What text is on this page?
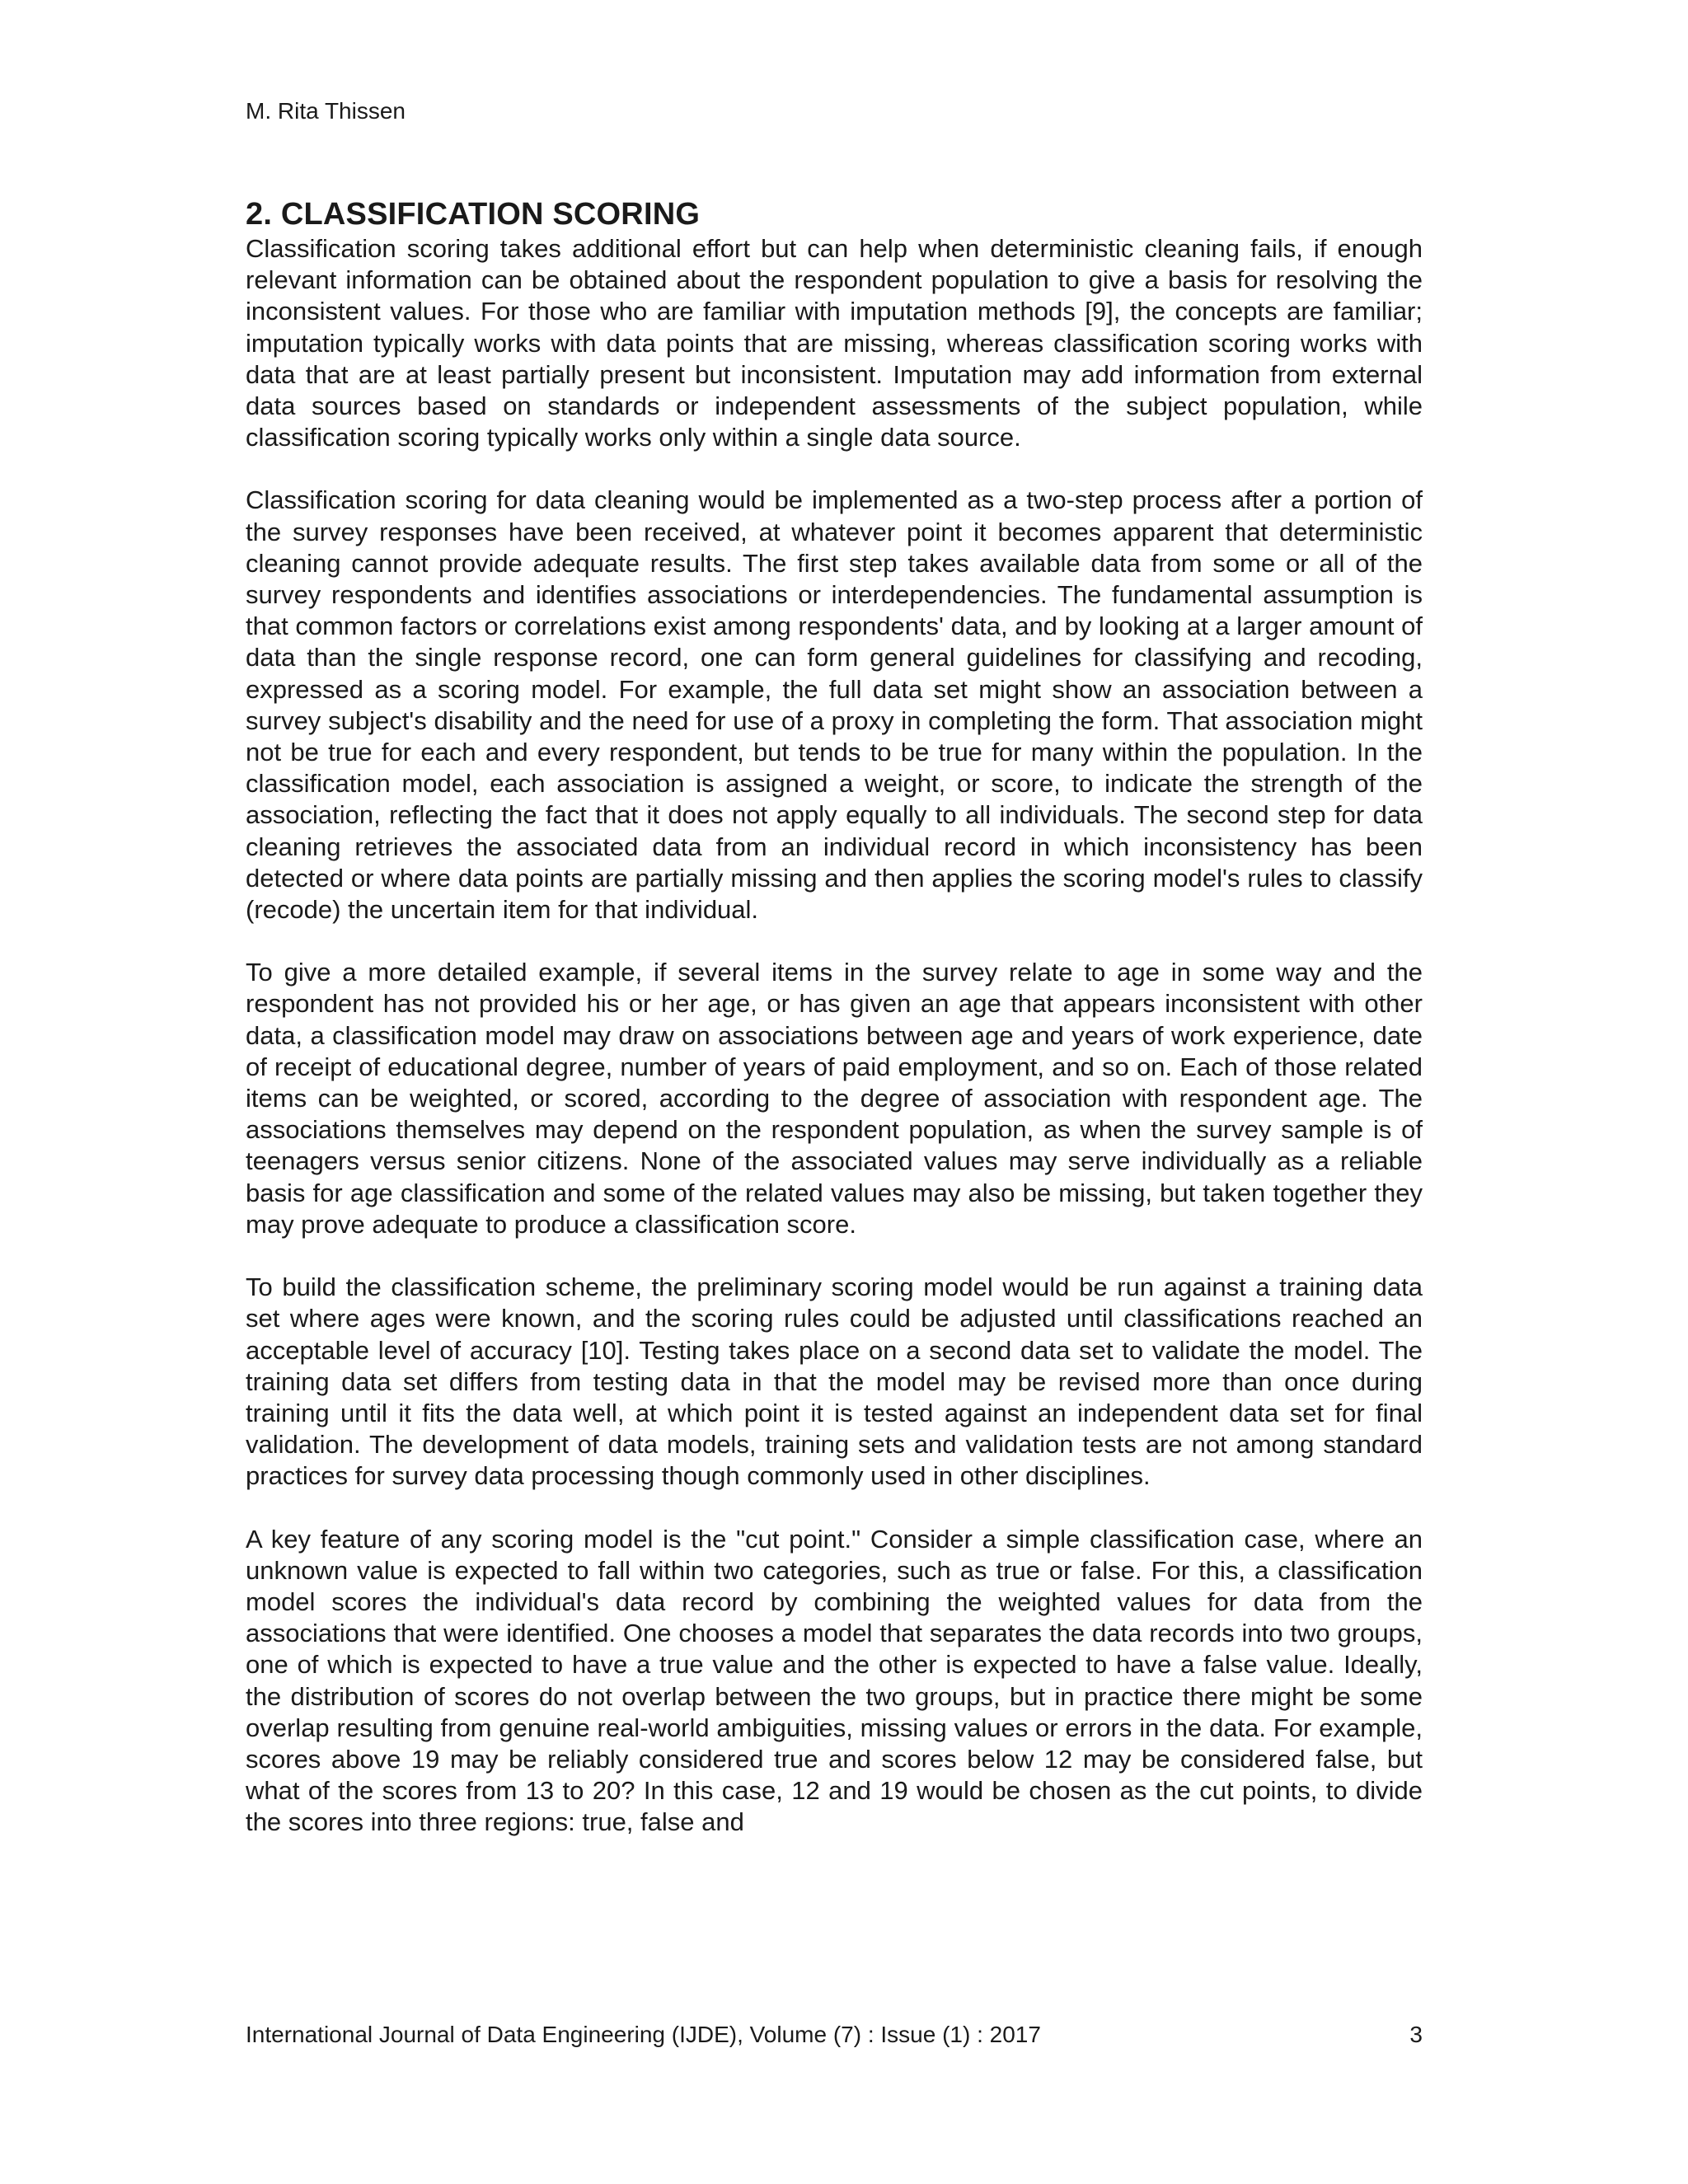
M. Rita Thissen

2. CLASSIFICATION SCORING

Classification scoring takes additional effort but can help when deterministic cleaning fails, if enough relevant information can be obtained about the respondent population to give a basis for resolving the inconsistent values. For those who are familiar with imputation methods [9], the concepts are familiar; imputation typically works with data points that are missing, whereas classification scoring works with data that are at least partially present but inconsistent. Imputation may add information from external data sources based on standards or independent assessments of the subject population, while classification scoring typically works only within a single data source.

Classification scoring for data cleaning would be implemented as a two-step process after a portion of the survey responses have been received, at whatever point it becomes apparent that deterministic cleaning cannot provide adequate results. The first step takes available data from some or all of the survey respondents and identifies associations or interdependencies. The fundamental assumption is that common factors or correlations exist among respondents' data, and by looking at a larger amount of data than the single response record, one can form general guidelines for classifying and recoding, expressed as a scoring model. For example, the full data set might show an association between a survey subject's disability and the need for use of a proxy in completing the form. That association might not be true for each and every respondent, but tends to be true for many within the population. In the classification model, each association is assigned a weight, or score, to indicate the strength of the association, reflecting the fact that it does not apply equally to all individuals. The second step for data cleaning retrieves the associated data from an individual record in which inconsistency has been detected or where data points are partially missing and then applies the scoring model's rules to classify (recode) the uncertain item for that individual.

To give a more detailed example, if several items in the survey relate to age in some way and the respondent has not provided his or her age, or has given an age that appears inconsistent with other data, a classification model may draw on associations between age and years of work experience, date of receipt of educational degree, number of years of paid employment, and so on. Each of those related items can be weighted, or scored, according to the degree of association with respondent age. The associations themselves may depend on the respondent population, as when the survey sample is of teenagers versus senior citizens. None of the associated values may serve individually as a reliable basis for age classification and some of the related values may also be missing, but taken together they may prove adequate to produce a classification score.

To build the classification scheme, the preliminary scoring model would be run against a training data set where ages were known, and the scoring rules could be adjusted until classifications reached an acceptable level of accuracy [10]. Testing takes place on a second data set to validate the model. The training data set differs from testing data in that the model may be revised more than once during training until it fits the data well, at which point it is tested against an independent data set for final validation. The development of data models, training sets and validation tests are not among standard practices for survey data processing though commonly used in other disciplines.

A key feature of any scoring model is the "cut point." Consider a simple classification case, where an unknown value is expected to fall within two categories, such as true or false. For this, a classification model scores the individual's data record by combining the weighted values for data from the associations that were identified. One chooses a model that separates the data records into two groups, one of which is expected to have a true value and the other is expected to have a false value. Ideally, the distribution of scores do not overlap between the two groups, but in practice there might be some overlap resulting from genuine real-world ambiguities, missing values or errors in the data. For example, scores above 19 may be reliably considered true and scores below 12 may be considered false, but what of the scores from 13 to 20? In this case, 12 and 19 would be chosen as the cut points, to divide the scores into three regions: true, false and

International Journal of Data Engineering (IJDE), Volume (7) : Issue (1) : 2017	3
